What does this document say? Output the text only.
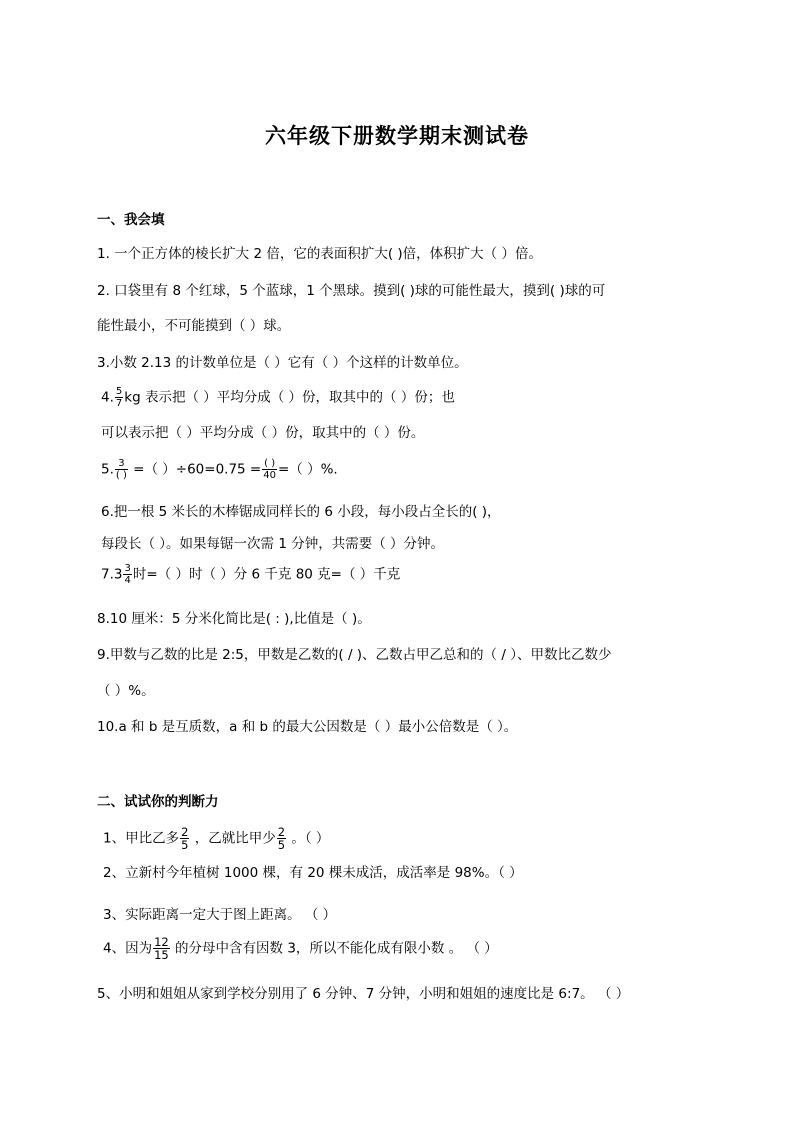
六年级下册数学期末测试卷
一、我会填
1. 一个正方体的棱长扩大 2 倍，它的表面积扩大( )倍，体积扩大（ ）倍。
2. 口袋里有 8 个红球，5 个蓝球，1 个黑球。摸到( )球的可能性最大，摸到( )球的可
能性最小，不可能摸到（ ）球。
3.小数 2.13 的计数单位是（ ）它有（ ）个这样的计数单位。
4. $\frac{5}{7}$ kg 表示把（ ）平均分成（ ）份，取其中的（ ）份；也
可以表示把（ ）平均分成（ ）份，取其中的（ ）份。
5. $\frac{3}{( )}$ =（ ）$\div 60=0.75 = \frac{( )}{40}$ =（ ）%.
6.把一根 5 米长的木棒锯成同样长的 6 小段，每小段占全长的( )，
每段长（ ）。如果每锯一次需 1 分钟，共需要（ ）分钟。
$7.3 \frac{3}{4}$ 时=（ ）时（ ）分 6 千克 80 克=（ ）千克
8.10 厘米：5 分米化简比是( : ),比值是（ )。
9.甲数与乙数的比是 2:5，甲数是乙数的( / )、乙数占甲乙总和的（ / ）、甲数比乙数少
（ ）%。
10.a 和 b 是互质数，a 和 b 的最大公因数是（ ）最小公倍数是（ ）。
二、试试你的判断力
1、甲比乙多 $\frac{2}{5}$ ，乙就比甲少 $\frac{2}{5}$ 。（ ）
2、立新村今年植树 1000 棵，有 20 棵未成活，成活率是 98%。（ ）
3、实际距离一定大于图上距离。 （ ）
4、因为 $\frac{12}{15}$ 的分母中含有因数 3，所以不能化成有限小数 。 （ ）
5、小明和姐姐从家到学校分别用了 6 分钟、7 分钟，小明和姐姐的速度比是 6:7。 （ ）
